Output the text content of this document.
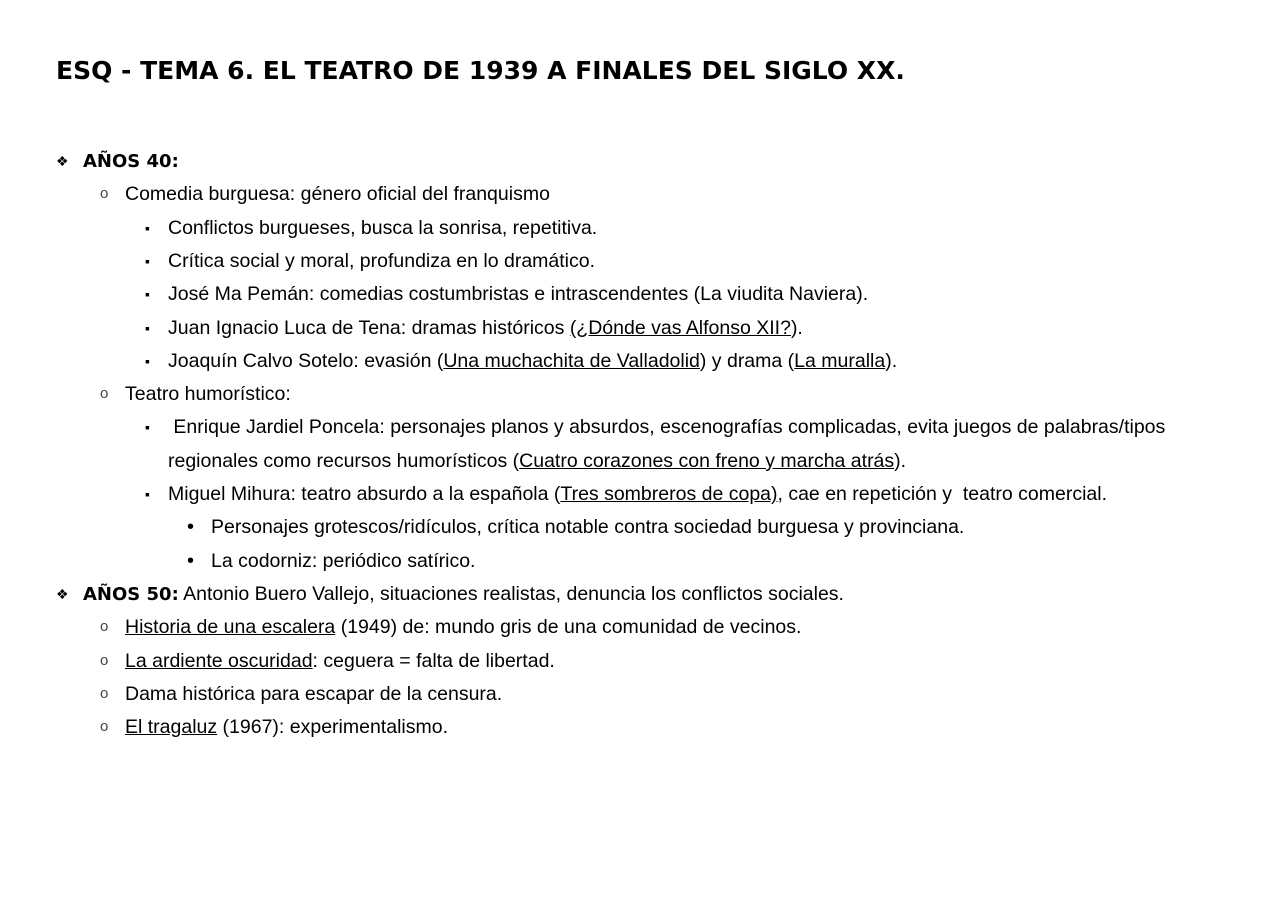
ESQ - TEMA 6. EL TEATRO DE 1939 A FINALES DEL SIGLO XX.
❖ AÑOS 40:
o Comedia burguesa: género oficial del franquismo
▪ Conflictos burgueses, busca la sonrisa, repetitiva.
▪ Crítica social y moral, profundiza en lo dramático.
▪ José Ma Pemán: comedias costumbristas e intrascendentes (La viudita Naviera).
▪ Juan Ignacio Luca de Tena: dramas históricos (¿Dónde vas Alfonso XII?).
▪ Joaquín Calvo Sotelo: evasión (Una muchachita de Valladolid) y drama (La muralla).
o Teatro humorístico:
▪ Enrique Jardiel Poncela: personajes planos y absurdos, escenografías complicadas, evita juegos de palabras/tipos
regionales como recursos humorísticos (Cuatro corazones con freno y marcha atrás).
▪ Miguel Mihura: teatro absurdo a la española (Tres sombreros de copa), cae en repetición y  teatro comercial.
• Personajes grotescos/ridículos, crítica notable contra sociedad burguesa y provinciana.
• La codorniz: periódico satírico.
❖ AÑOS 50: Antonio Buero Vallejo, situaciones realistas, denuncia los conflictos sociales.
o Historia de una escalera (1949) de: mundo gris de una comunidad de vecinos.
o La ardiente oscuridad: ceguera = falta de libertad.
o Dama histórica para escapar de la censura.
o El tragaluz (1967): experimentalismo.
